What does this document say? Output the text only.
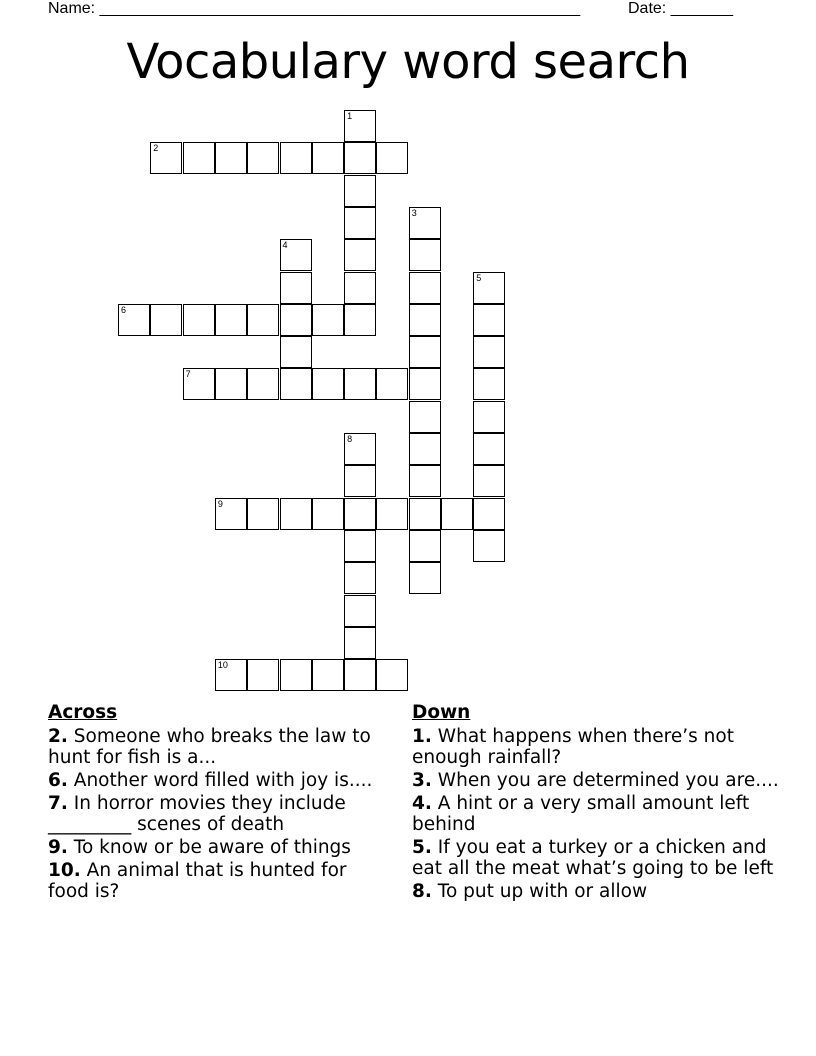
Name: ______________________________________________________	Date: _______
Vocabulary word search
1
2
3
4
5
6
7
8
9
10
Across
2. Someone who breaks the law to hunt for fish is a...
6. Another word filled with joy is....
7. In horror movies they include _________ scenes of death
9. To know or be aware of things
10. An animal that is hunted for food is?
Down
1. What happens when there’s not enough rainfall?
3. When you are determined you are....
4. A hint or a very small amount left behind
5. If you eat a turkey or a chicken and eat all the meat what’s going to be left
8. To put up with or allow
